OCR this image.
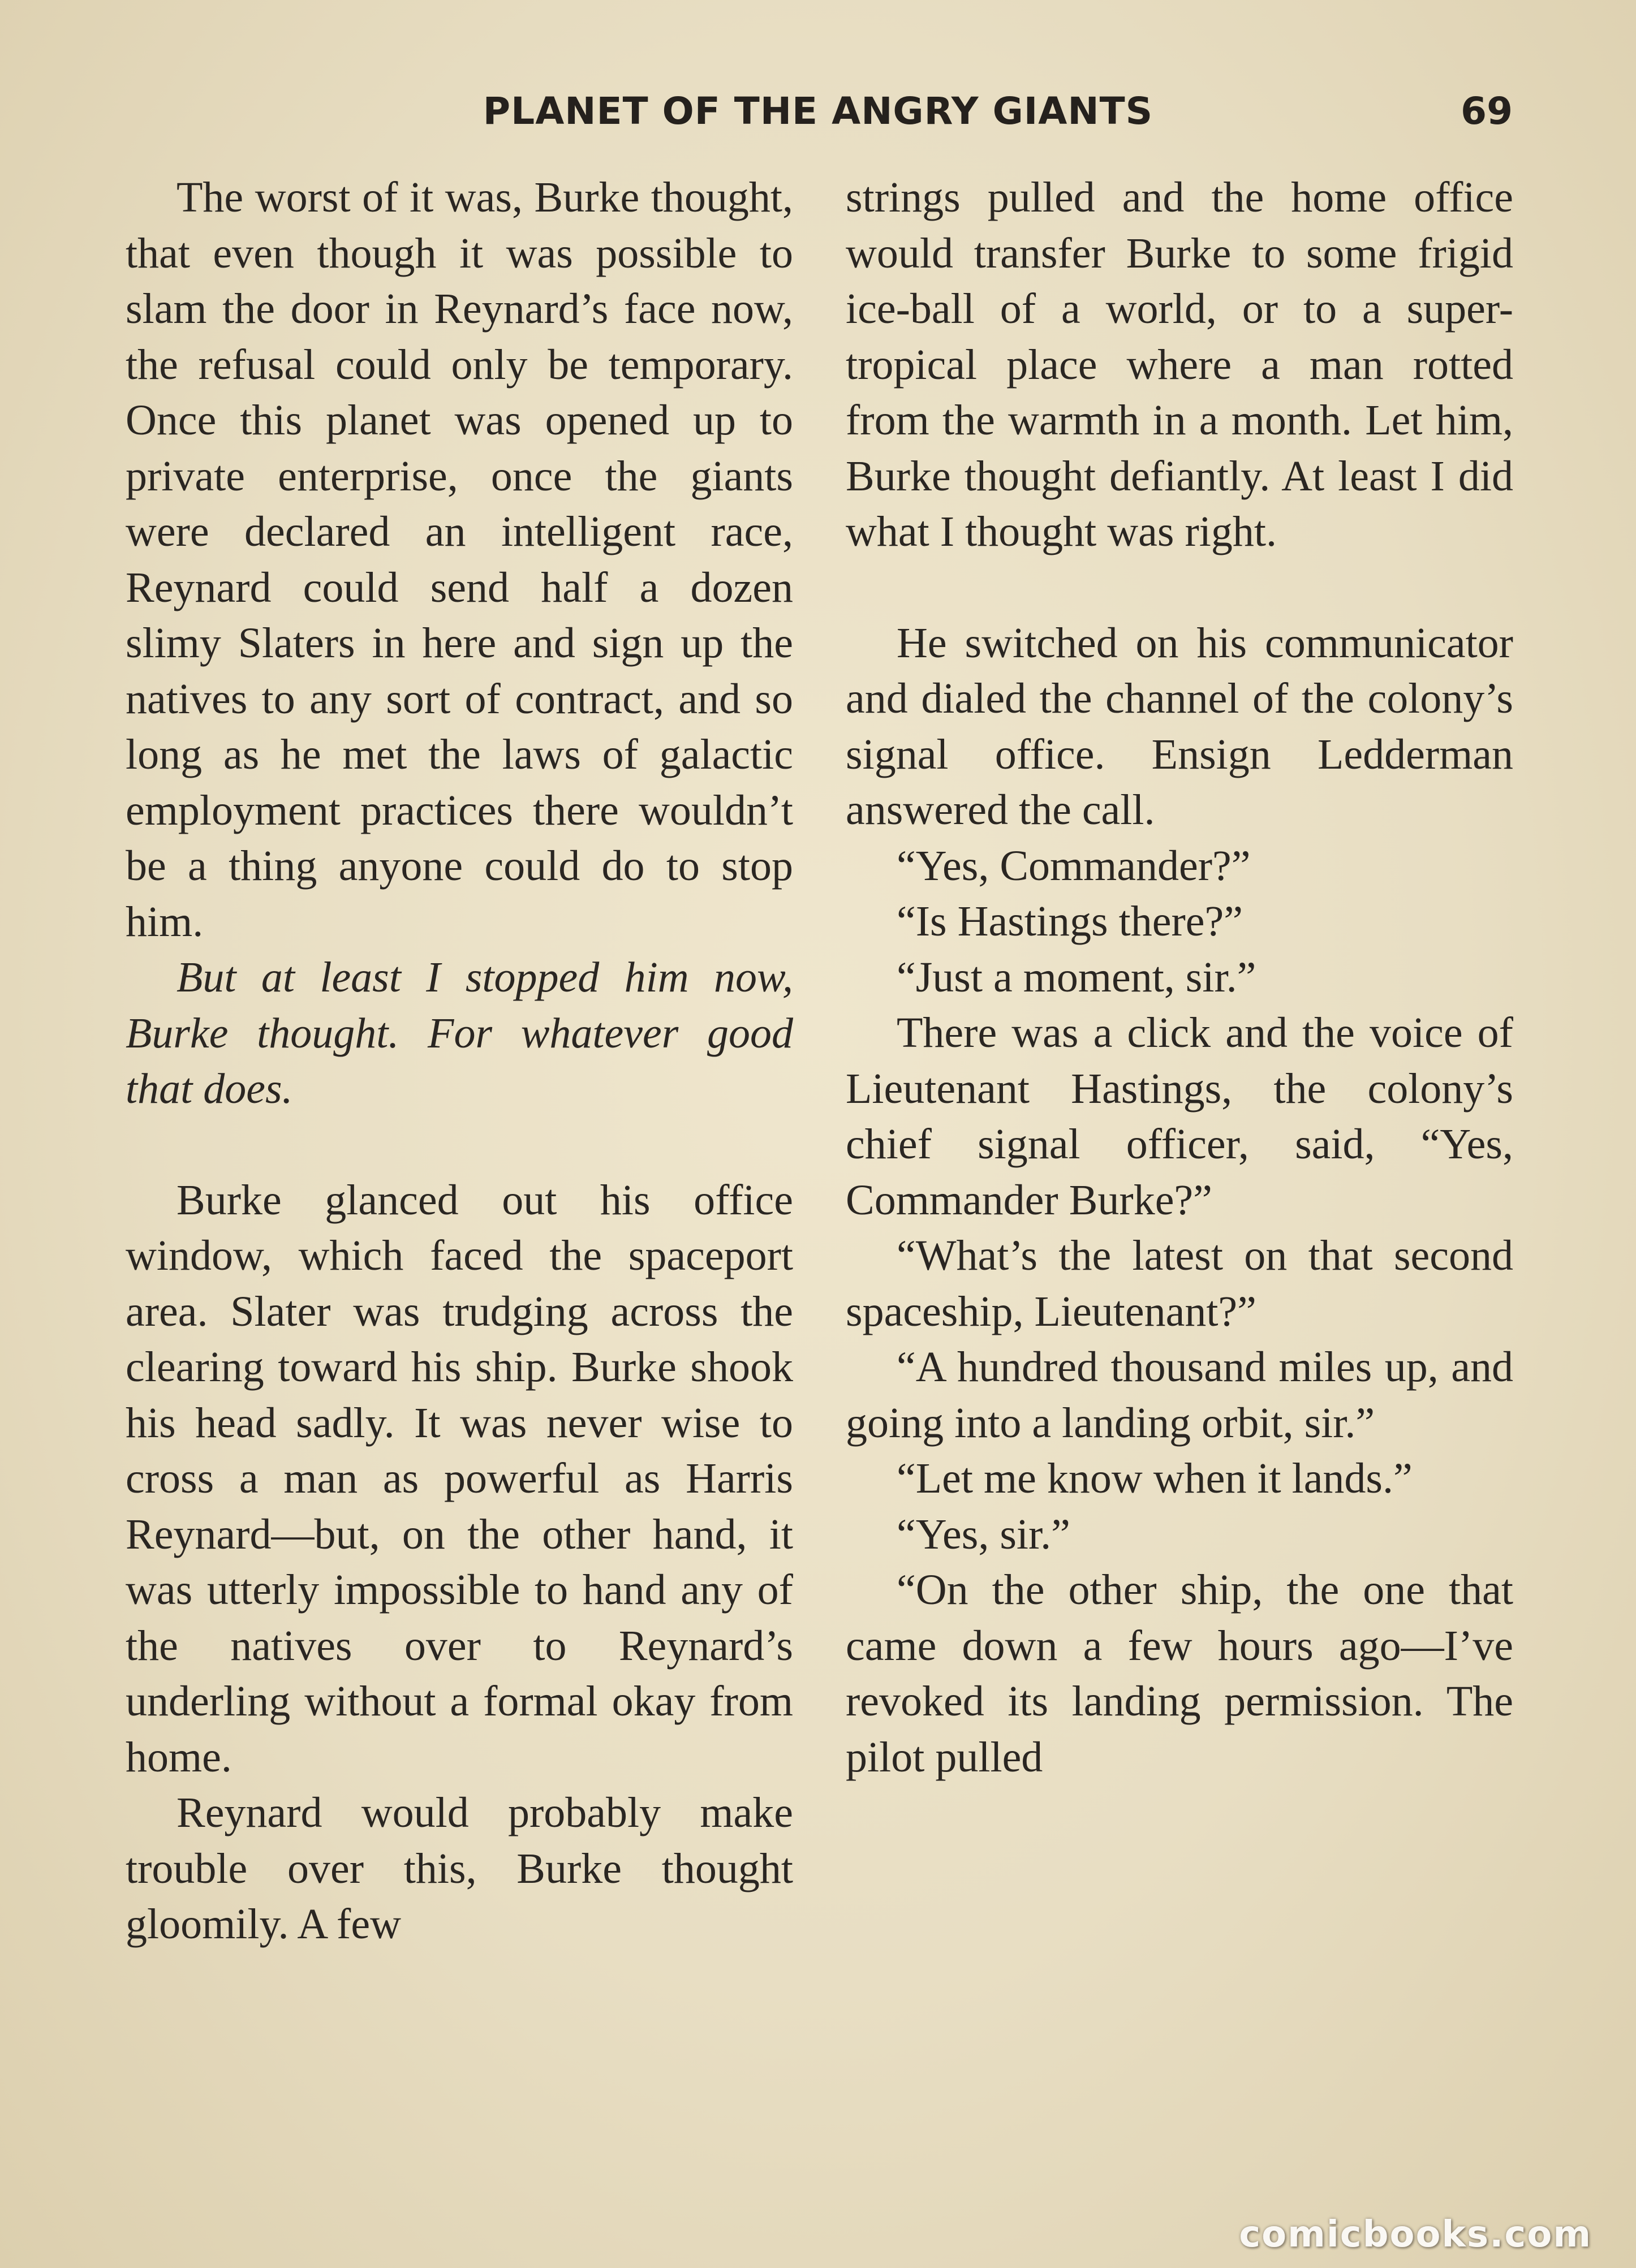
PLANET OF THE ANGRY GIANTS	69

The worst of it was, Burke thought, that even though it was possible to slam the door in Reynard’s face now, the refusal could only be temporary. Once this planet was opened up to private enterprise, once the giants were declared an intelligent race, Reynard could send half a dozen slimy Slaters in here and sign up the natives to any sort of contract, and so long as he met the laws of galactic employment practices there wouldn’t be a thing anyone could do to stop him.

But at least I stopped him now, Burke thought. For whatever good that does.

Burke glanced out his office window, which faced the spaceport area. Slater was trudging across the clearing toward his ship. Burke shook his head sadly. It was never wise to cross a man as powerful as Harris Reynard—but, on the other hand, it was utterly impossible to hand any of the natives over to Reynard’s underling without a formal okay from home.

Reynard would probably make trouble over this, Burke thought gloomily. A few

strings pulled and the home office would transfer Burke to some frigid ice-ball of a world, or to a super-tropical place where a man rotted from the warmth in a month. Let him, Burke thought defiantly. At least I did what I thought was right.

He switched on his communicator and dialed the channel of the colony’s signal office. Ensign Ledderman answered the call.

“Yes, Commander?”

“Is Hastings there?”

“Just a moment, sir.”

There was a click and the voice of Lieutenant Hastings, the colony’s chief signal officer, said, “Yes, Commander Burke?”

“What’s the latest on that second spaceship, Lieutenant?”

“A hundred thousand miles up, and going into a landing orbit, sir.”

“Let me know when it lands.”

“Yes, sir.”

“On the other ship, the one that came down a few hours ago—I’ve revoked its landing permission. The pilot pulled

comicbooks.com
